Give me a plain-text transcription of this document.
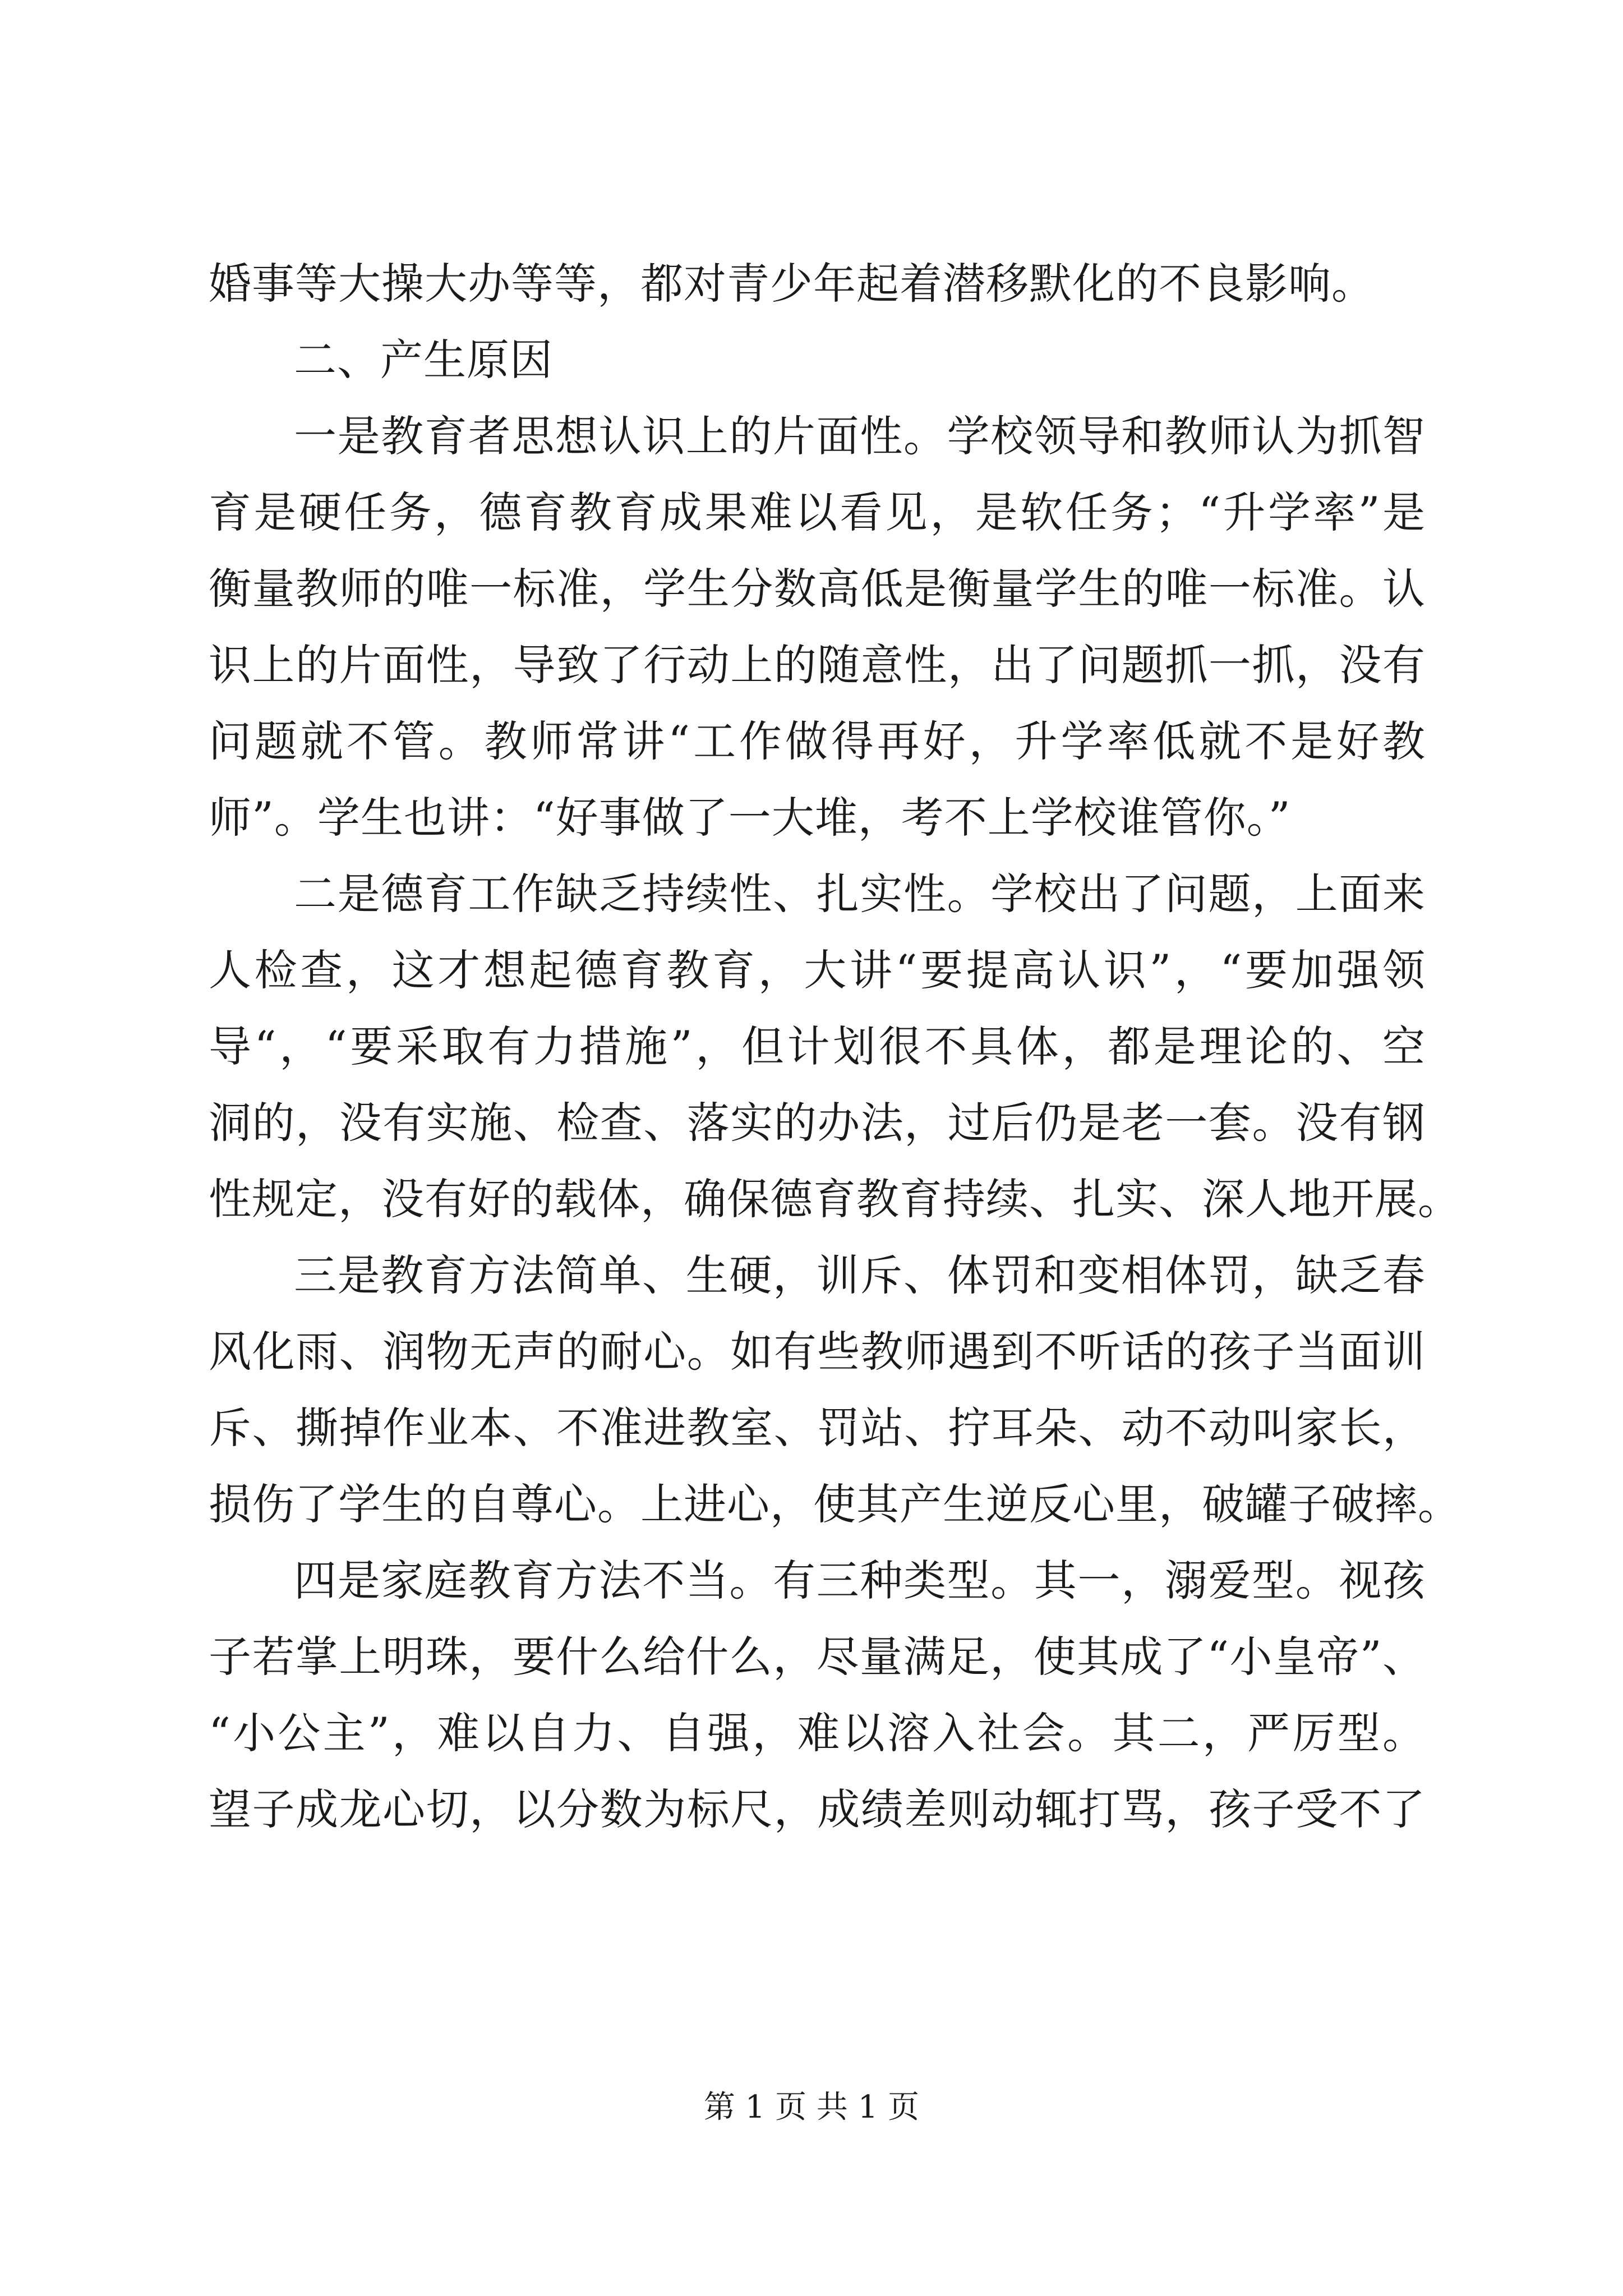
婚事等大操大办等等，都对青少年起着潜移默化的不良影响。
二、产生原因
一是教育者思想认识上的片面性。学校领导和教师认为抓智
育是硬任务，德育教育成果难以看见，是软任务；“升学率”是
衡量教师的唯一标准，学生分数高低是衡量学生的唯一标准。认
识上的片面性，导致了行动上的随意性，出了问题抓一抓，没有
问题就不管。教师常讲“工作做得再好，升学率低就不是好教
师”。学生也讲：“好事做了一大堆，考不上学校谁管你。”
二是德育工作缺乏持续性、扎实性。学校出了问题，上面来
人检查，这才想起德育教育，大讲“要提高认识”，“要加强领
导“，“要采取有力措施”，但计划很不具体，都是理论的、空
洞的，没有实施、检查、落实的办法，过后仍是老一套。没有钢
性规定，没有好的载体，确保德育教育持续、扎实、深人地开展。
三是教育方法简单、生硬，训斥、体罚和变相体罚，缺乏春
风化雨、润物无声的耐心。如有些教师遇到不听话的孩子当面训
斥、撕掉作业本、不准进教室、罚站、拧耳朵、动不动叫家长，
损伤了学生的自尊心。上进心，使其产生逆反心里，破罐子破摔。
四是家庭教育方法不当。有三种类型。其一，溺爱型。视孩
子若掌上明珠，要什么给什么，尽量满足，使其成了“小皇帝”、
“小公主”，难以自力、自强，难以溶入社会。其二，严厉型。
望子成龙心切，以分数为标尺，成绩差则动辄打骂，孩子受不了
第 1 页 共 1 页
